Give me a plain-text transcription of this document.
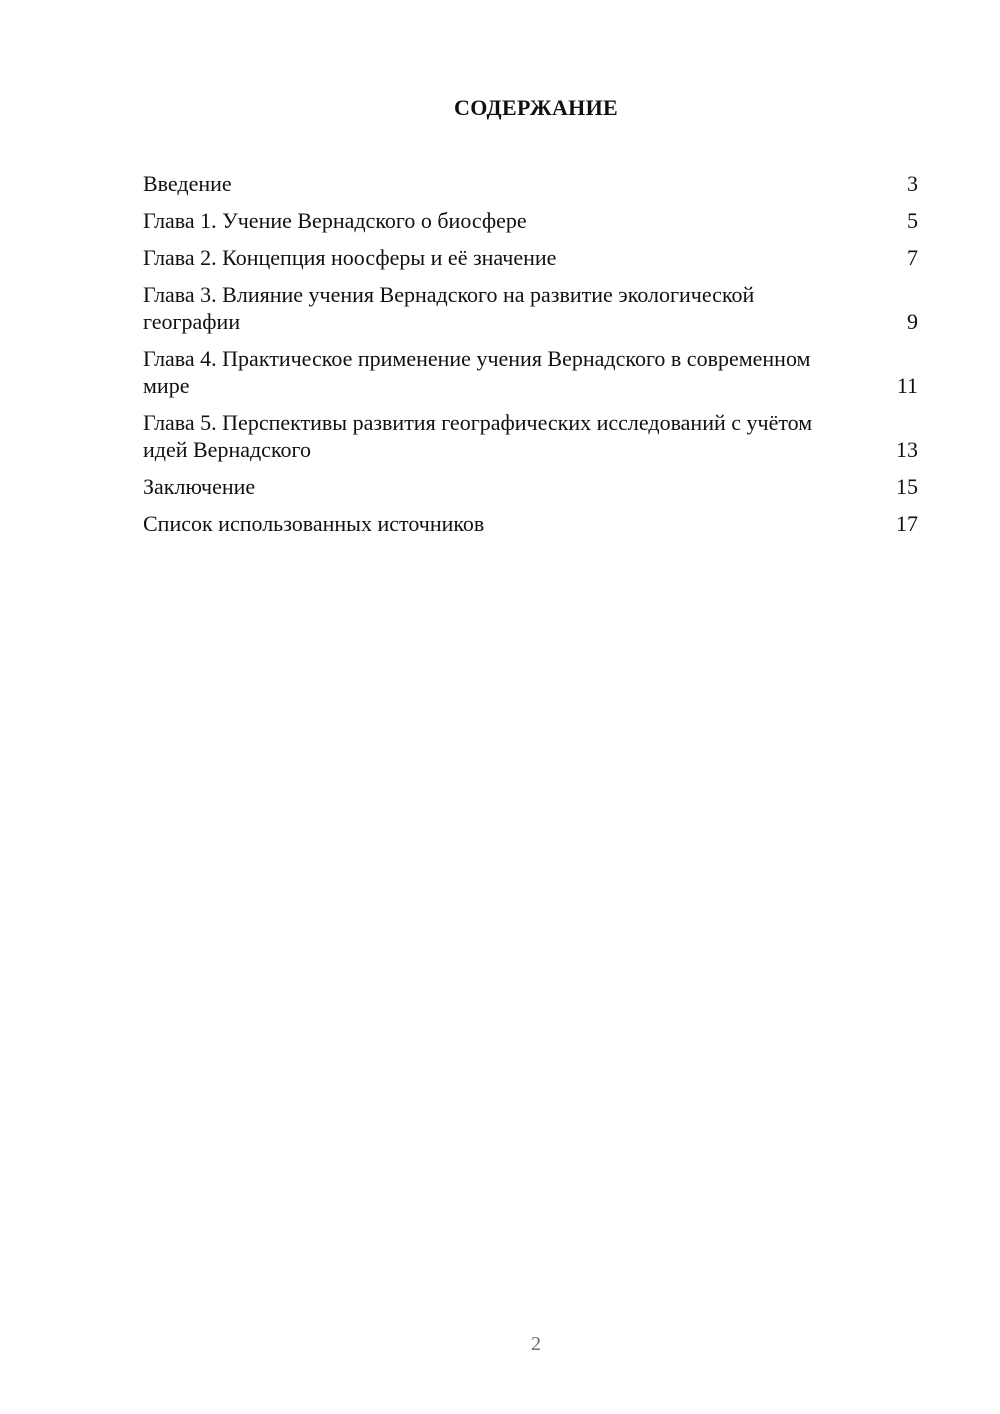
СОДЕРЖАНИЕ
Введение	3
Глава 1. Учение Вернадского о биосфере	5
Глава 2. Концепция ноосферы и её значение	7
Глава 3. Влияние учения Вернадского на развитие экологической географии	9
Глава 4. Практическое применение учения Вернадского в современном мире	11
Глава 5. Перспективы развития географических исследований с учётом идей Вернадского	13
Заключение	15
Список использованных источников	17
2
